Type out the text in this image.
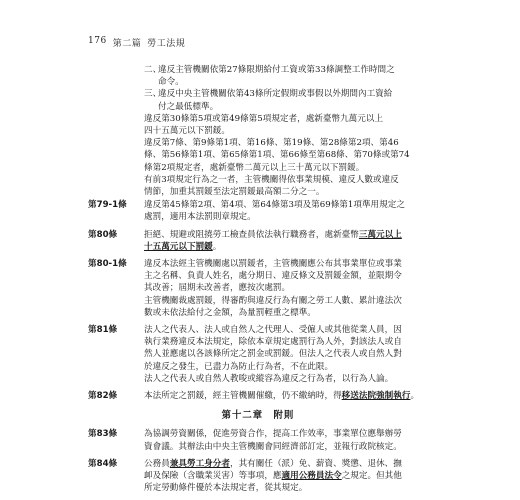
176 第二篇 勞工法規
二、
違反主管機關依第27條限期給付工資或第33條調整工作時間之
命令。
三、
違反中央主管機關依第43條所定假期或事假以外期間內工資給
付之最低標準。
違反第30條第5項或第49條第5項規定者，處新臺幣九萬元以上
四十五萬元以下罰鍰。
違反第7條、第9條第1項、第16條、第19條、第28條第2項、第46
條、第56條第1項、第65條第1項、第66條至第68條、第70條或第74
條第2項規定者，處新臺幣二萬元以上三十萬元以下罰鍰。
有前3項規定行為之一者，主管機關得依事業規模、違反人數或違反
情節，加重其罰鍰至法定罰鍰最高額二分之一。
第79-1條	違反第45條第2項、第4項、第64條第3項及第69條第1項準用規定之
處罰，適用本法罰則章規定。
第80條	拒絕、規避或阻撓勞工檢查員依法執行職務者，處新臺幣三萬元以上
十五萬元以下罰鍰。
第80-1條	違反本法經主管機關處以罰鍰者，主管機關應公布其事業單位或事業
主之名稱、負責人姓名，處分期日、違反條文及罰鍰金額，並限期令
其改善；屆期未改善者，應按次處罰。
主管機關裁處罰鍰，得審酌與違反行為有關之勞工人數、累計違法次
數或未依法給付之金額，為量罰輕重之標準。
第81條	法人之代表人、法人或自然人之代理人、受僱人或其他從業人員，因
執行業務違反本法規定，除依本章規定處罰行為人外，對該法人或自
然人並應處以各該條所定之罰金或罰鍰。但法人之代表人或自然人對
於違反之發生，已盡力為防止行為者，不在此限。
法人之代表人或自然人教唆或縱容為違反之行為者，以行為人論。
第82條	本法所定之罰鍰，經主管機關催繳，仍不繳納時，得移送法院強制執行。
第十二章　附則
第83條	為協調勞資關係，促進勞資合作，提高工作效率，事業單位應舉辦勞
資會議。其辦法由中央主管機關會同經濟部訂定，並報行政院核定。
第84條	公務員兼具勞工身分者，其有關任（派）免、薪資、獎懲、退休、撫
卹及保險（含職業災害）等事項，應適用公務員法令之規定。但其他
所定勞動條件優於本法規定者，從其規定。
